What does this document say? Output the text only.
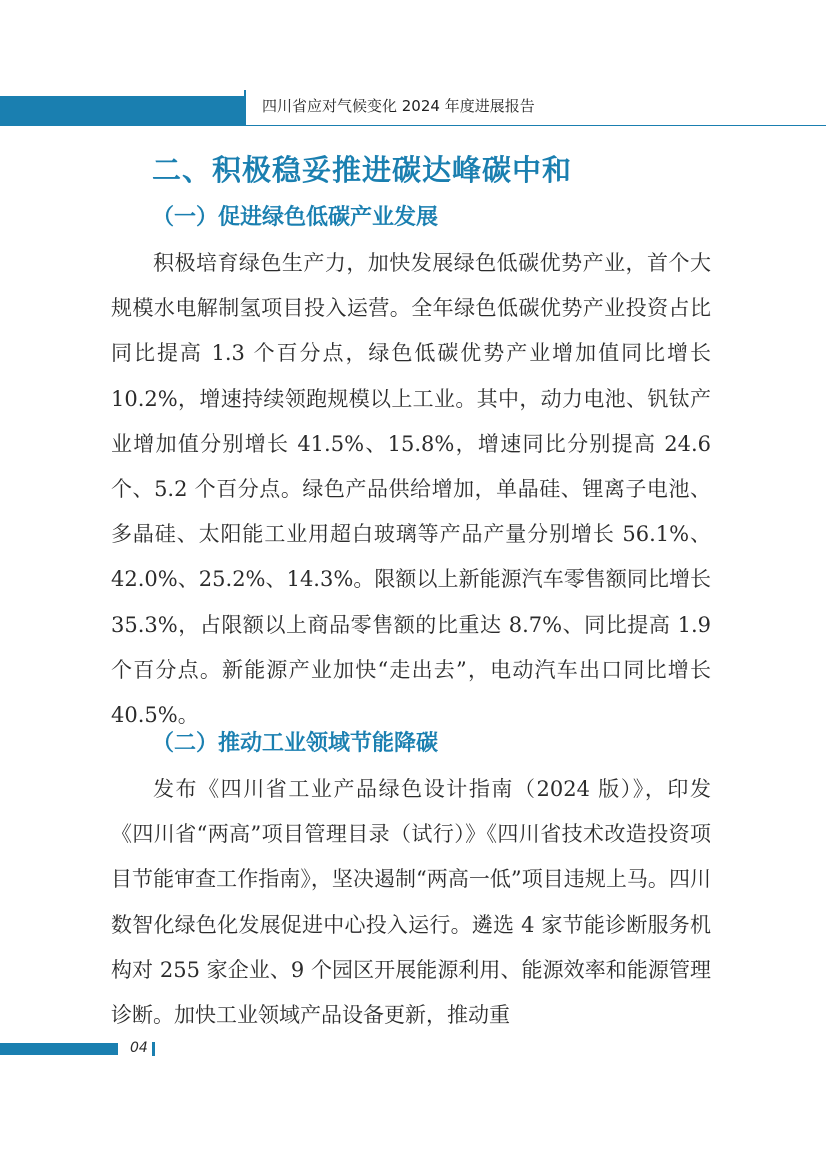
四川省应对气候变化 2024 年度进展报告
二、积极稳妥推进碳达峰碳中和
（一）促进绿色低碳产业发展
积极培育绿色生产力，加快发展绿色低碳优势产业，首个大规模水电解制氢项目投入运营。全年绿色低碳优势产业投资占比同比提高 1.3 个百分点，绿色低碳优势产业增加值同比增长 10.2%，增速持续领跑规模以上工业。其中，动力电池、钒钛产业增加值分别增长 41.5%、15.8%，增速同比分别提高 24.6 个、5.2 个百分点。绿色产品供给增加，单晶硅、锂离子电池、多晶硅、太阳能工业用超白玻璃等产品产量分别增长 56.1%、42.0%、25.2%、14.3%。限额以上新能源汽车零售额同比增长 35.3%，占限额以上商品零售额的比重达 8.7%、同比提高 1.9 个百分点。新能源产业加快“走出去”，电动汽车出口同比增长 40.5%。
（二）推动工业领域节能降碳
发布《四川省工业产品绿色设计指南（2024 版）》，印发《四川省“两高”项目管理目录（试行）》《四川省技术改造投资项目节能审查工作指南》，坚决遏制“两高一低”项目违规上马。四川数智化绿色化发展促进中心投入运行。遴选 4 家节能诊断服务机构对 255 家企业、9 个园区开展能源利用、能源效率和能源管理诊断。加快工业领域产品设备更新，推动重
04
